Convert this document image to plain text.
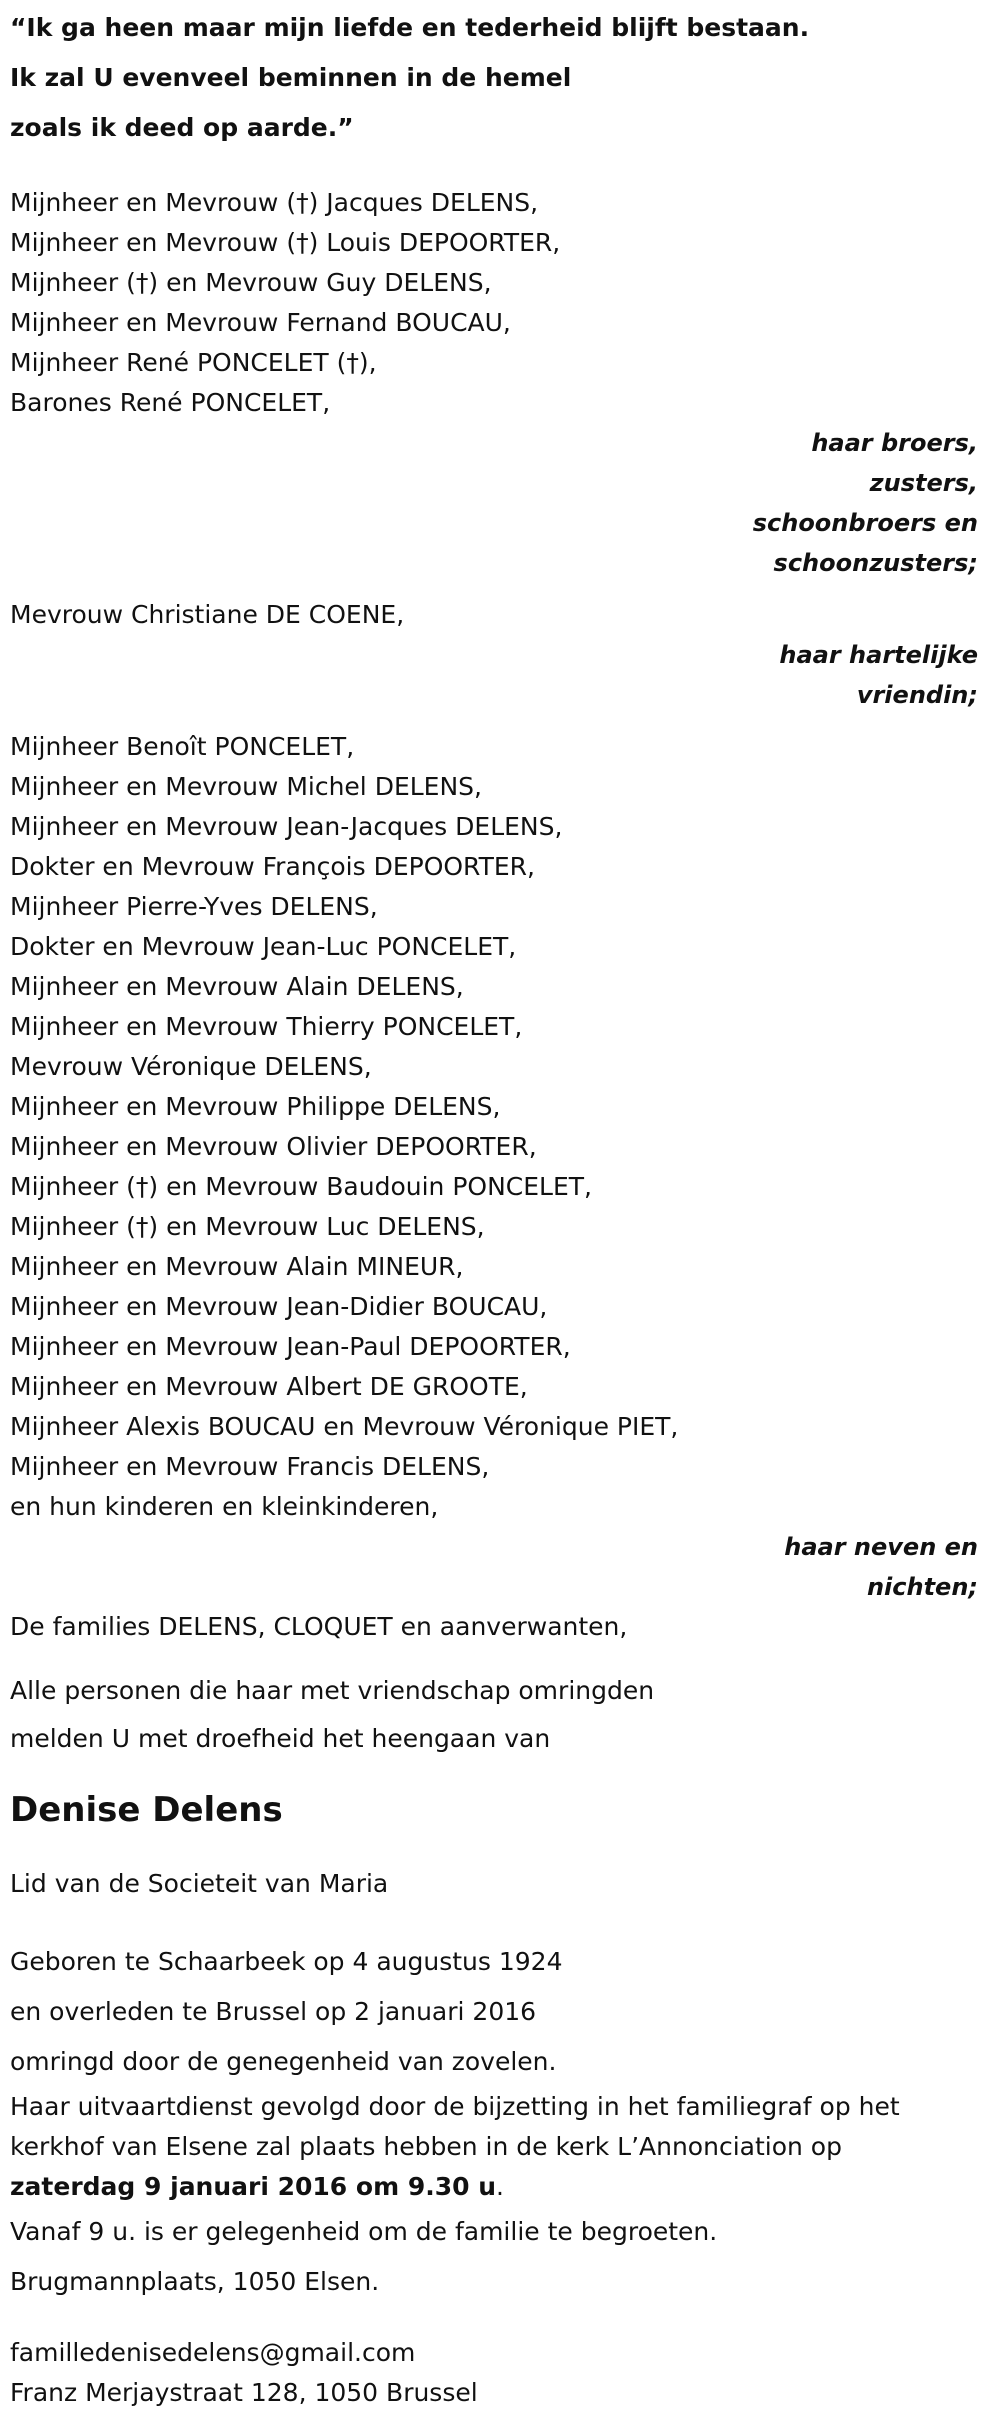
“Ik ga heen maar mijn liefde en tederheid blijft bestaan.
Ik zal U evenveel beminnen in de hemel
zoals ik deed op aarde.”
Mijnheer en Mevrouw (†) Jacques DELENS,
Mijnheer en Mevrouw (†) Louis DEPOORTER,
Mijnheer (†) en Mevrouw Guy DELENS,
Mijnheer en Mevrouw Fernand BOUCAU,
Mijnheer René PONCELET (†),
Barones René PONCELET,
haar broers,
zusters,
schoonbroers en
schoonzusters;
Mevrouw Christiane DE COENE,
haar hartelijke
vriendin;
Mijnheer Benoît PONCELET,
Mijnheer en Mevrouw Michel DELENS,
Mijnheer en Mevrouw Jean-Jacques DELENS,
Dokter en Mevrouw François DEPOORTER,
Mijnheer Pierre-Yves DELENS,
Dokter en Mevrouw Jean-Luc PONCELET,
Mijnheer en Mevrouw Alain DELENS,
Mijnheer en Mevrouw Thierry PONCELET,
Mevrouw Véronique DELENS,
Mijnheer en Mevrouw Philippe DELENS,
Mijnheer en Mevrouw Olivier DEPOORTER,
Mijnheer (†) en Mevrouw Baudouin PONCELET,
Mijnheer (†) en Mevrouw Luc DELENS,
Mijnheer en Mevrouw Alain MINEUR,
Mijnheer en Mevrouw Jean-Didier BOUCAU,
Mijnheer en Mevrouw Jean-Paul DEPOORTER,
Mijnheer en Mevrouw Albert DE GROOTE,
Mijnheer Alexis BOUCAU en Mevrouw Véronique PIET,
Mijnheer en Mevrouw Francis DELENS,
en hun kinderen en kleinkinderen,
haar neven en
nichten;
De families DELENS, CLOQUET en aanverwanten,
Alle personen die haar met vriendschap omringden
melden U met droefheid het heengaan van
Denise Delens
Lid van de Societeit van Maria
Geboren te Schaarbeek op 4 augustus 1924
en overleden te Brussel op 2 januari 2016
omringd door de genegenheid van zovelen.
Haar uitvaartdienst gevolgd door de bijzetting in het familiegraf op het
kerkhof van Elsene zal plaats hebben in de kerk L’Annonciation op
zaterdag 9 januari 2016 om 9.30 u.
Vanaf 9 u. is er gelegenheid om de familie te begroeten.
Brugmannplaats, 1050 Elsen.
familledenisedelens@gmail.com
Franz Merjaystraat 128, 1050 Brussel
